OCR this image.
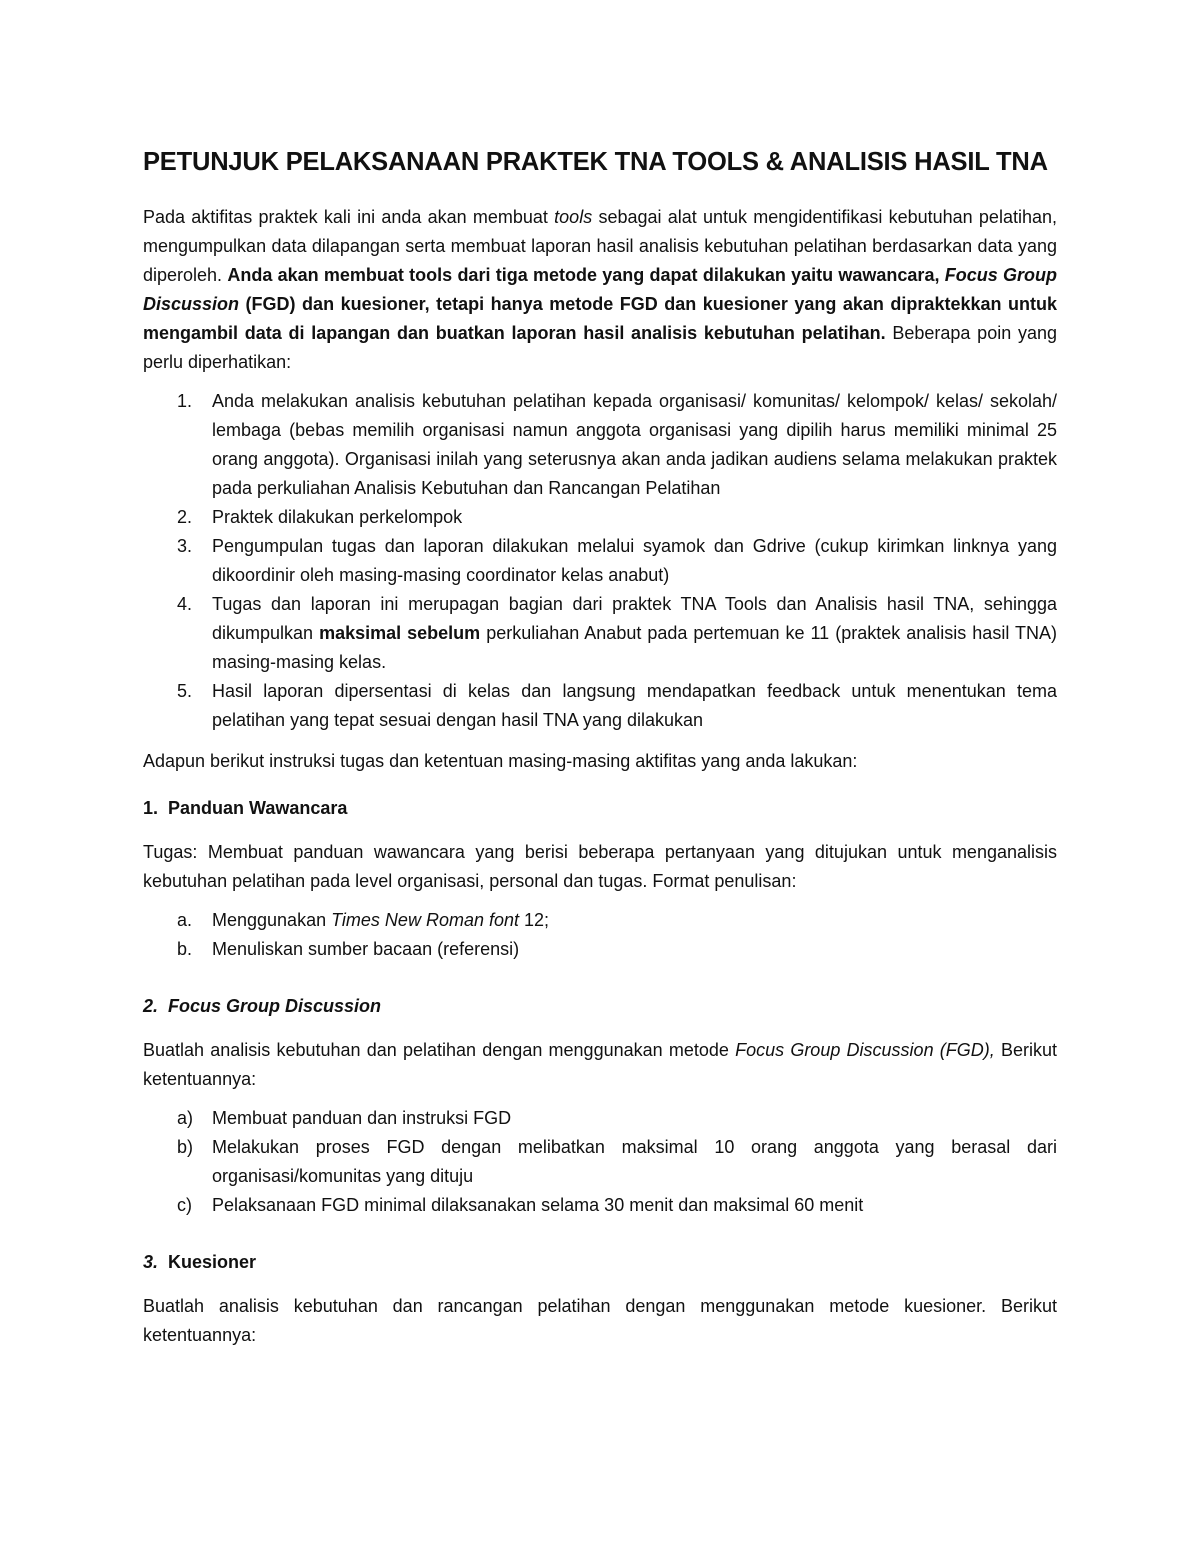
PETUNJUK PELAKSANAAN PRAKTEK TNA TOOLS & ANALISIS HASIL TNA

Pada aktifitas praktek kali ini anda akan membuat tools sebagai alat untuk mengidentifikasi kebutuhan pelatihan, mengumpulkan data dilapangan serta membuat laporan hasil analisis kebutuhan pelatihan berdasarkan data yang diperoleh. Anda akan membuat tools dari tiga metode yang dapat dilakukan yaitu wawancara, Focus Group Discussion (FGD) dan kuesioner, tetapi hanya metode FGD dan kuesioner yang akan dipraktekkan untuk mengambil data di lapangan dan buatkan laporan hasil analisis kebutuhan pelatihan. Beberapa poin yang perlu diperhatikan:

1. Anda melakukan analisis kebutuhan pelatihan kepada organisasi/ komunitas/ kelompok/ kelas/ sekolah/ lembaga (bebas memilih organisasi namun anggota organisasi yang dipilih harus memiliki minimal 25 orang anggota). Organisasi inilah yang seterusnya akan anda jadikan audiens selama melakukan praktek pada perkuliahan Analisis Kebutuhan dan Rancangan Pelatihan
2. Praktek dilakukan perkelompok
3. Pengumpulan tugas dan laporan dilakukan melalui syamok dan Gdrive (cukup kirimkan linknya yang dikoordinir oleh masing-masing coordinator kelas anabut)
4. Tugas dan laporan ini merupagan bagian dari praktek TNA Tools dan Analisis hasil TNA, sehingga dikumpulkan maksimal sebelum perkuliahan Anabut pada pertemuan ke 11 (praktek analisis hasil TNA) masing-masing kelas.
5. Hasil laporan dipersentasi di kelas dan langsung mendapatkan feedback untuk menentukan tema pelatihan yang tepat sesuai dengan hasil TNA yang dilakukan

Adapun berikut instruksi tugas dan ketentuan masing-masing aktifitas yang anda lakukan:

1. Panduan Wawancara

Tugas: Membuat panduan wawancara yang berisi beberapa pertanyaan yang ditujukan untuk menganalisis kebutuhan pelatihan pada level organisasi, personal dan tugas. Format penulisan:

a. Menggunakan Times New Roman font 12;
b. Menuliskan sumber bacaan (referensi)

2. Focus Group Discussion

Buatlah analisis kebutuhan dan pelatihan dengan menggunakan metode Focus Group Discussion (FGD), Berikut ketentuannya:

a) Membuat panduan dan instruksi FGD
b) Melakukan proses FGD dengan melibatkan maksimal 10 orang anggota yang berasal dari organisasi/komunitas yang dituju
c) Pelaksanaan FGD minimal dilaksanakan selama 30 menit dan maksimal 60 menit

3. Kuesioner

Buatlah analisis kebutuhan dan rancangan pelatihan dengan menggunakan metode kuesioner. Berikut ketentuannya:
